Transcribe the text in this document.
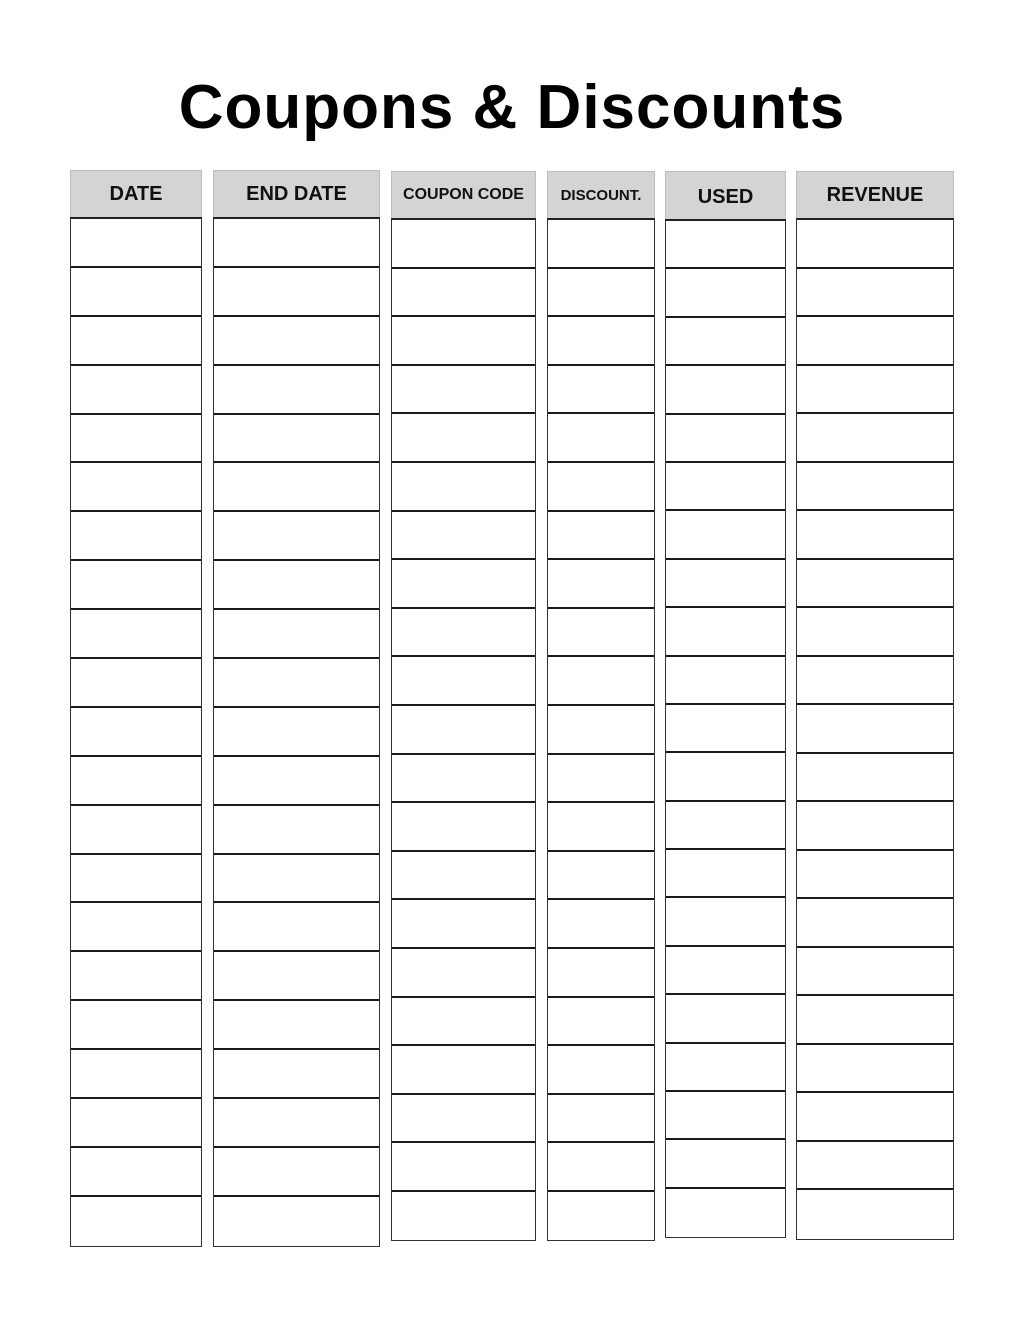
Coupons & Discounts
DATE	END DATE	COUPON CODE	DISCOUNT.	USED	REVENUE
